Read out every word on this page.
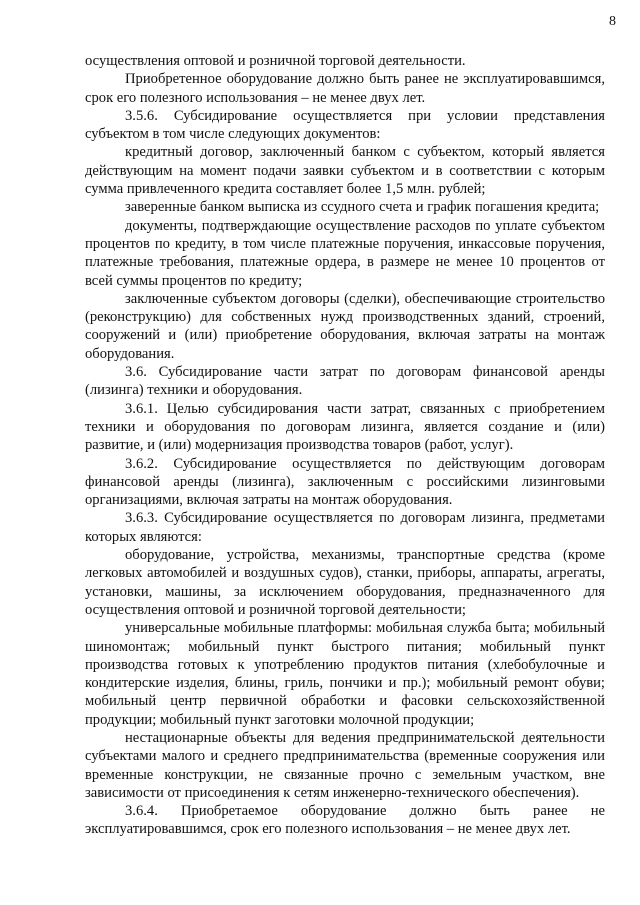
8

осуществления оптовой и розничной торговой деятельности.

Приобретенное оборудование должно быть ранее не эксплуатировавшимся, срок его полезного использования – не менее двух лет.

3.5.6. Субсидирование осуществляется при условии представления субъектом в том числе следующих документов:

кредитный договор, заключенный банком с субъектом, который является действующим на момент подачи заявки субъектом и в соответствии с которым сумма привлеченного кредита составляет более 1,5 млн. рублей;

заверенные банком выписка из ссудного счета и график погашения кредита;

документы, подтверждающие осуществление расходов по уплате субъектом процентов по кредиту, в том числе платежные поручения, инкассовые поручения, платежные требования, платежные ордера, в размере не менее 10 процентов от всей суммы процентов по кредиту;

заключенные субъектом договоры (сделки), обеспечивающие строительство (реконструкцию) для собственных нужд производственных зданий, строений, сооружений и (или) приобретение оборудования, включая затраты на монтаж оборудования.

3.6. Субсидирование части затрат по договорам финансовой аренды (лизинга) техники и оборудования.

3.6.1. Целью субсидирования части затрат, связанных с приобретением техники и оборудования по договорам лизинга, является создание и (или) развитие, и (или) модернизация производства товаров (работ, услуг).

3.6.2. Субсидирование осуществляется по действующим договорам финансовой аренды (лизинга), заключенным с российскими лизинговыми организациями, включая затраты на монтаж оборудования.

3.6.3. Субсидирование осуществляется по договорам лизинга, предметами которых являются:

оборудование, устройства, механизмы, транспортные средства (кроме легковых автомобилей и воздушных судов), станки, приборы, аппараты, агрегаты, установки, машины, за исключением оборудования, предназначенного для осуществления оптовой и розничной торговой деятельности;

универсальные мобильные платформы: мобильная служба быта; мобильный шиномонтаж; мобильный пункт быстрого питания; мобильный пункт производства готовых к употреблению продуктов питания (хлебобулочные и кондитерские изделия, блины, гриль, пончики и пр.); мобильный ремонт обуви; мобильный центр первичной обработки и фасовки сельскохозяйственной продукции; мобильный пункт заготовки молочной продукции;

нестационарные объекты для ведения предпринимательской деятельности субъектами малого и среднего предпринимательства (временные сооружения или временные конструкции, не связанные прочно с земельным участком, вне зависимости от присоединения к сетям инженерно-технического обеспечения).

3.6.4. Приобретаемое оборудование должно быть ранее не эксплуатировавшимся, срок его полезного использования – не менее двух лет.
